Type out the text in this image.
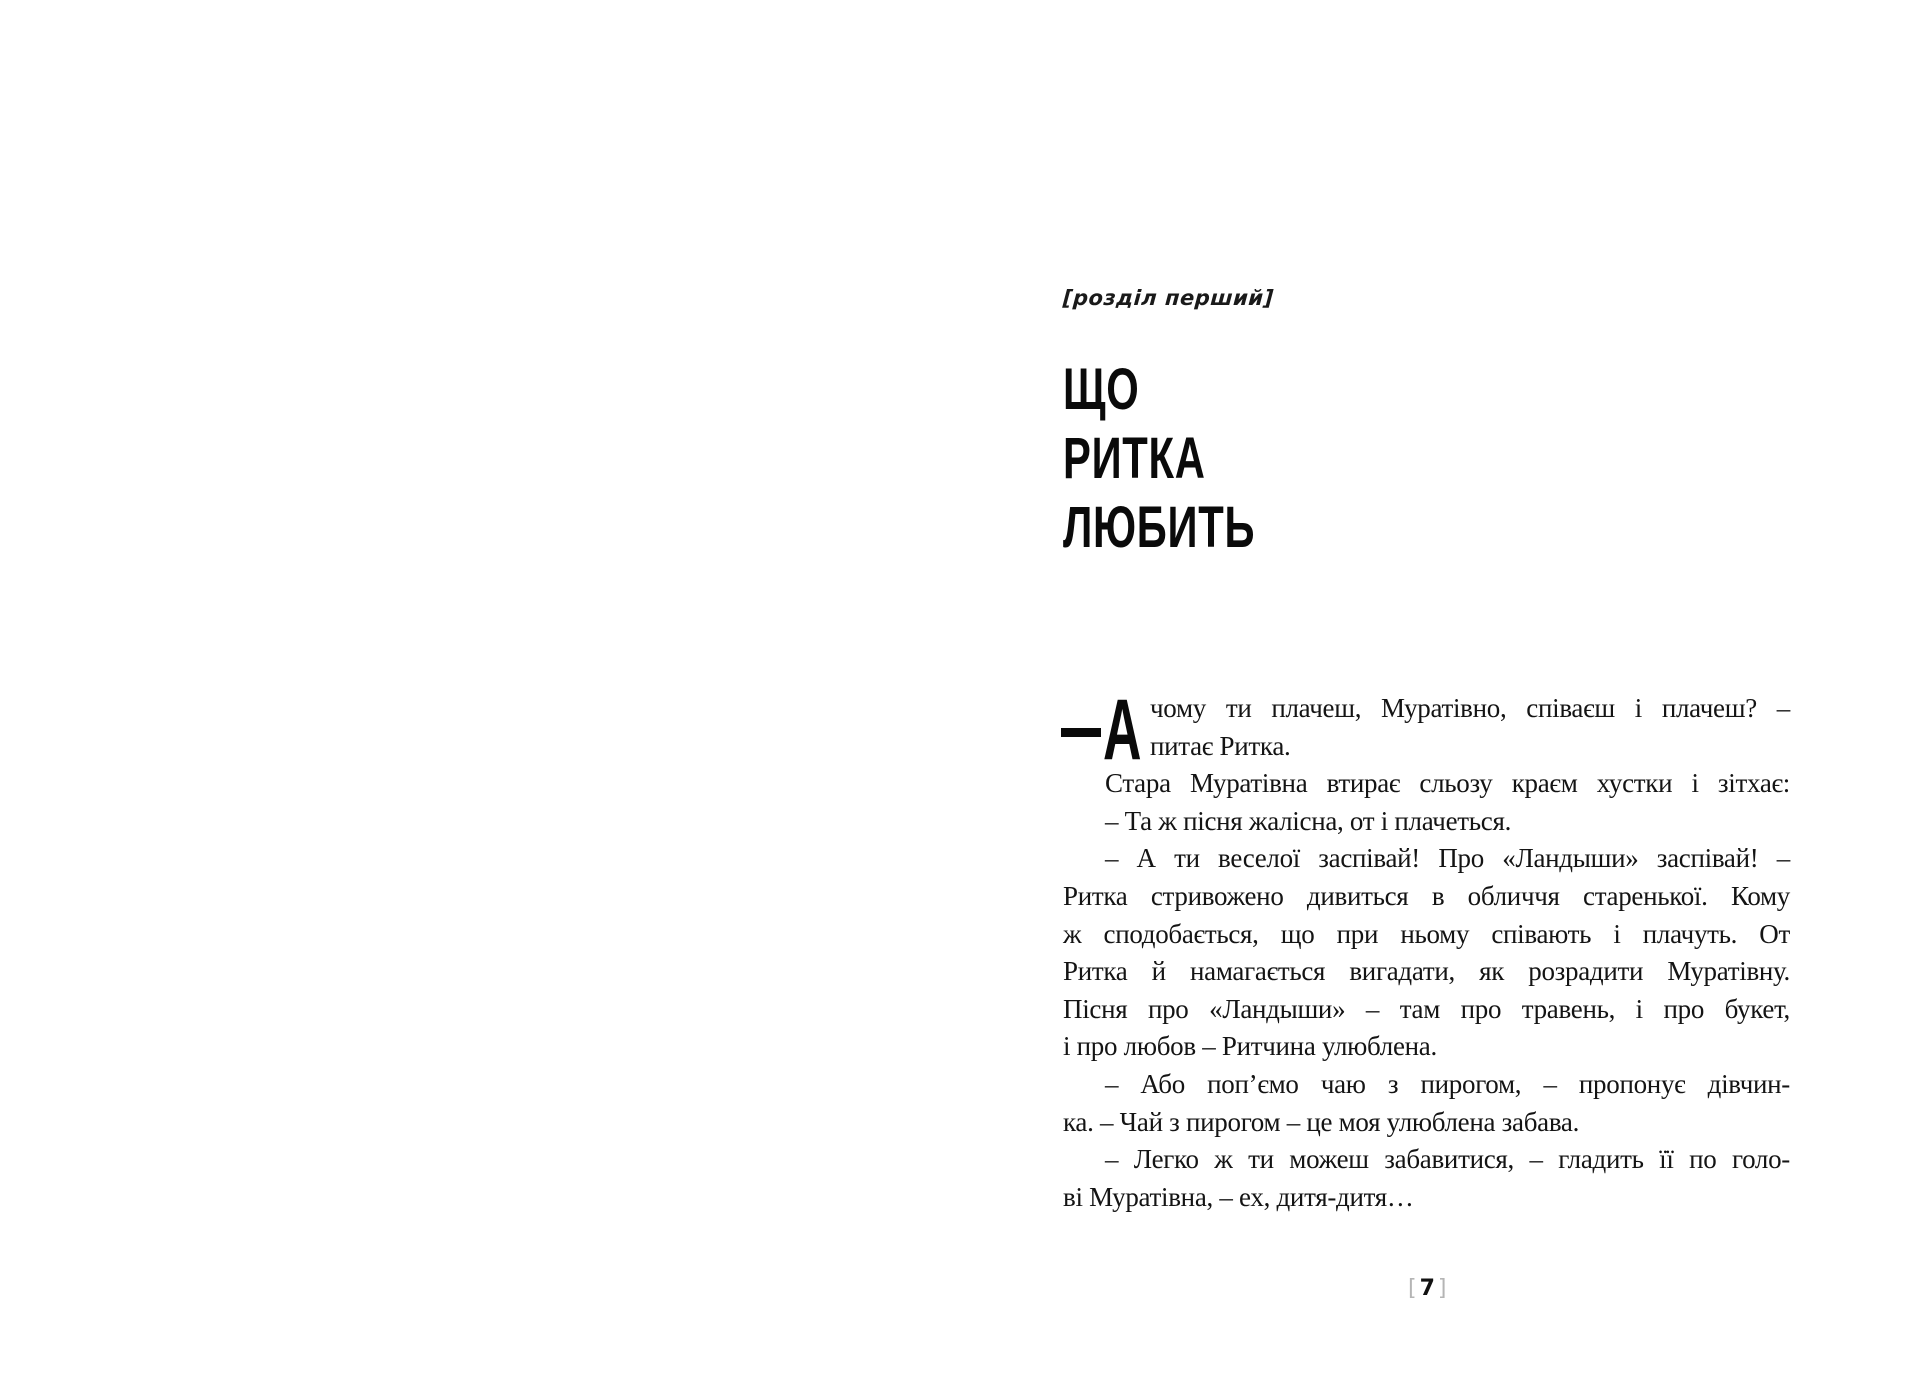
[розділ перший]
ЩО
РИТКА
ЛЮБИТЬ
А чому ти плачеш, Муратівно, співаєш і плачеш? –
питає Ритка.
Стара Муратівна втирає сльозу краєм хустки і зітхає:
– Та ж пісня жалісна, от і плачеться.
– А ти веселої заспівай! Про «Ландыши» заспівай! –
Ритка стривожено дивиться в обличчя старенької. Кому
ж сподобається, що при ньому співають і плачуть. От
Ритка й намагається вигадати, як розрадити Муратівну.
Пісня про «Ландыши» – там про травень, і про букет,
і про любов – Ритчина улюблена.
– Або поп’ємо чаю з пирогом, – пропонує дівчин-
ка. – Чай з пирогом – це моя улюблена забава.
– Легко ж ти можеш забавитися, – гладить її по голо-
ві Муратівна, – ех, дитя-дитя…
[ 7 ]
